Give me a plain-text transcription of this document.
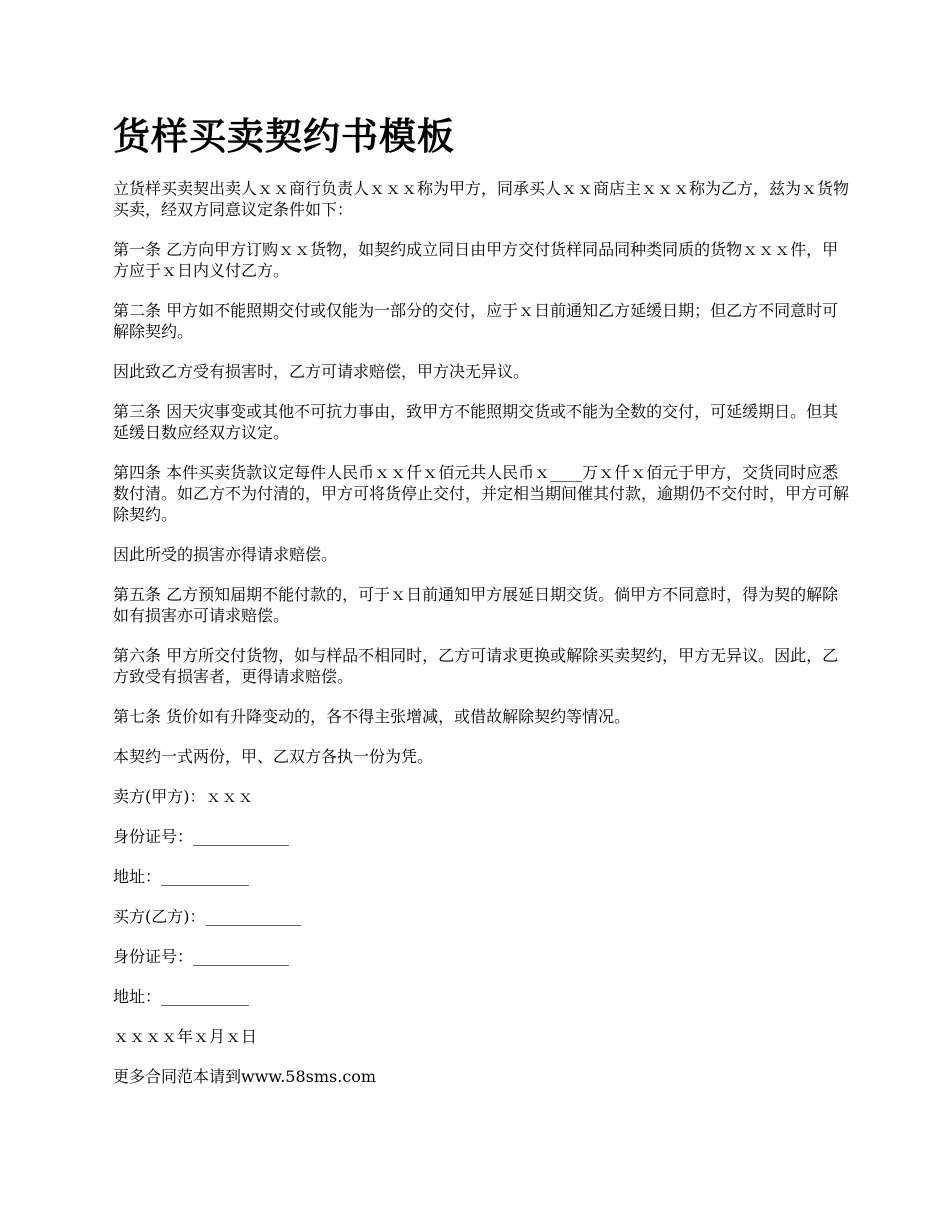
货样买卖契约书模板

立货样买卖契出卖人ｘｘ商行负责人ｘｘｘ称为甲方，同承买人ｘｘ商店主ｘｘｘ称为乙方，兹为ｘ货物买卖，经双方同意议定条件如下：

第一条 乙方向甲方订购ｘｘ货物，如契约成立同日由甲方交付货样同品同种类同质的货物ｘｘｘ件，甲方应于ｘ日内义付乙方。

第二条 甲方如不能照期交付或仅能为一部分的交付，应于ｘ日前通知乙方延缓日期；但乙方不同意时可解除契约。

因此致乙方受有损害时，乙方可请求赔偿，甲方决无异议。

第三条 因天灾事变或其他不可抗力事由，致甲方不能照期交货或不能为全数的交付，可延缓期日。但其延缓日数应经双方议定。

第四条 本件买卖货款议定每件人民币ｘｘ仟ｘ佰元共人民币ｘ____万ｘ仟ｘ佰元于甲方，交货同时应悉数付清。如乙方不为付清的，甲方可将货停止交付，并定相当期间催其付款，逾期仍不交付时，甲方可解除契约。

因此所受的损害亦得请求赔偿。

第五条 乙方预知届期不能付款的，可于ｘ日前通知甲方展延日期交货。倘甲方不同意时，得为契的解除如有损害亦可请求赔偿。

第六条 甲方所交付货物，如与样品不相同时，乙方可请求更换或解除买卖契约，甲方无异议。因此，乙方致受有损害者，更得请求赔偿。

第七条 货价如有升降变动的，各不得主张增减，或借故解除契约等情况。

本契约一式两份，甲、乙双方各执一份为凭。

卖方(甲方)：ｘｘｘ

身份证号：____________

地址：___________

买方(乙方)：____________

身份证号：____________

地址：___________

ｘｘｘｘ年ｘ月ｘ日

更多合同范本请到www.58sms.com
